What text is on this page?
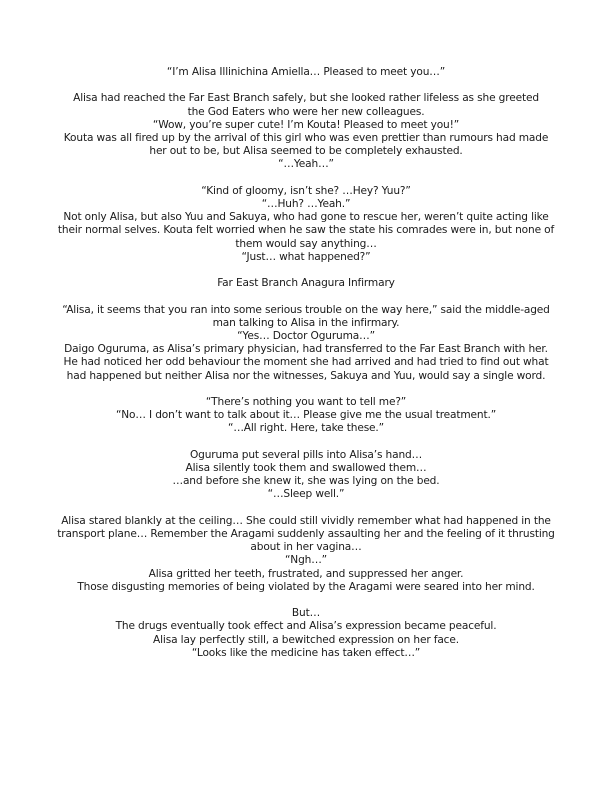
“I’m Alisa Illinichina Amiella… Pleased to meet you…”
Alisa had reached the Far East Branch safely, but she looked rather lifeless as she greeted
the God Eaters who were her new colleagues.
“Wow, you’re super cute! I’m Kouta! Pleased to meet you!”
Kouta was all fired up by the arrival of this girl who was even prettier than rumours had made
her out to be, but Alisa seemed to be completely exhausted.
“…Yeah…”
“Kind of gloomy, isn’t she? …Hey? Yuu?”
“…Huh? …Yeah.”
Not only Alisa, but also Yuu and Sakuya, who had gone to rescue her, weren’t quite acting like
their normal selves. Kouta felt worried when he saw the state his comrades were in, but none of
them would say anything…
“Just… what happened?”
Far East Branch Anagura Infirmary
“Alisa, it seems that you ran into some serious trouble on the way here,” said the middle-aged
man talking to Alisa in the infirmary.
“Yes… Doctor Oguruma…”
Daigo Oguruma, as Alisa’s primary physician, had transferred to the Far East Branch with her.
He had noticed her odd behaviour the moment she had arrived and had tried to find out what
had happened but neither Alisa nor the witnesses, Sakuya and Yuu, would say a single word.
“There’s nothing you want to tell me?”
“No… I don’t want to talk about it… Please give me the usual treatment.”
“…All right. Here, take these.”
Oguruma put several pills into Alisa’s hand…
Alisa silently took them and swallowed them…
…and before she knew it, she was lying on the bed.
“…Sleep well.”
Alisa stared blankly at the ceiling… She could still vividly remember what had happened in the
transport plane… Remember the Aragami suddenly assaulting her and the feeling of it thrusting
about in her vagina…
“Ngh…”
Alisa gritted her teeth, frustrated, and suppressed her anger.
Those disgusting memories of being violated by the Aragami were seared into her mind.
But…
The drugs eventually took effect and Alisa’s expression became peaceful.
Alisa lay perfectly still, a bewitched expression on her face.
“Looks like the medicine has taken effect…”
